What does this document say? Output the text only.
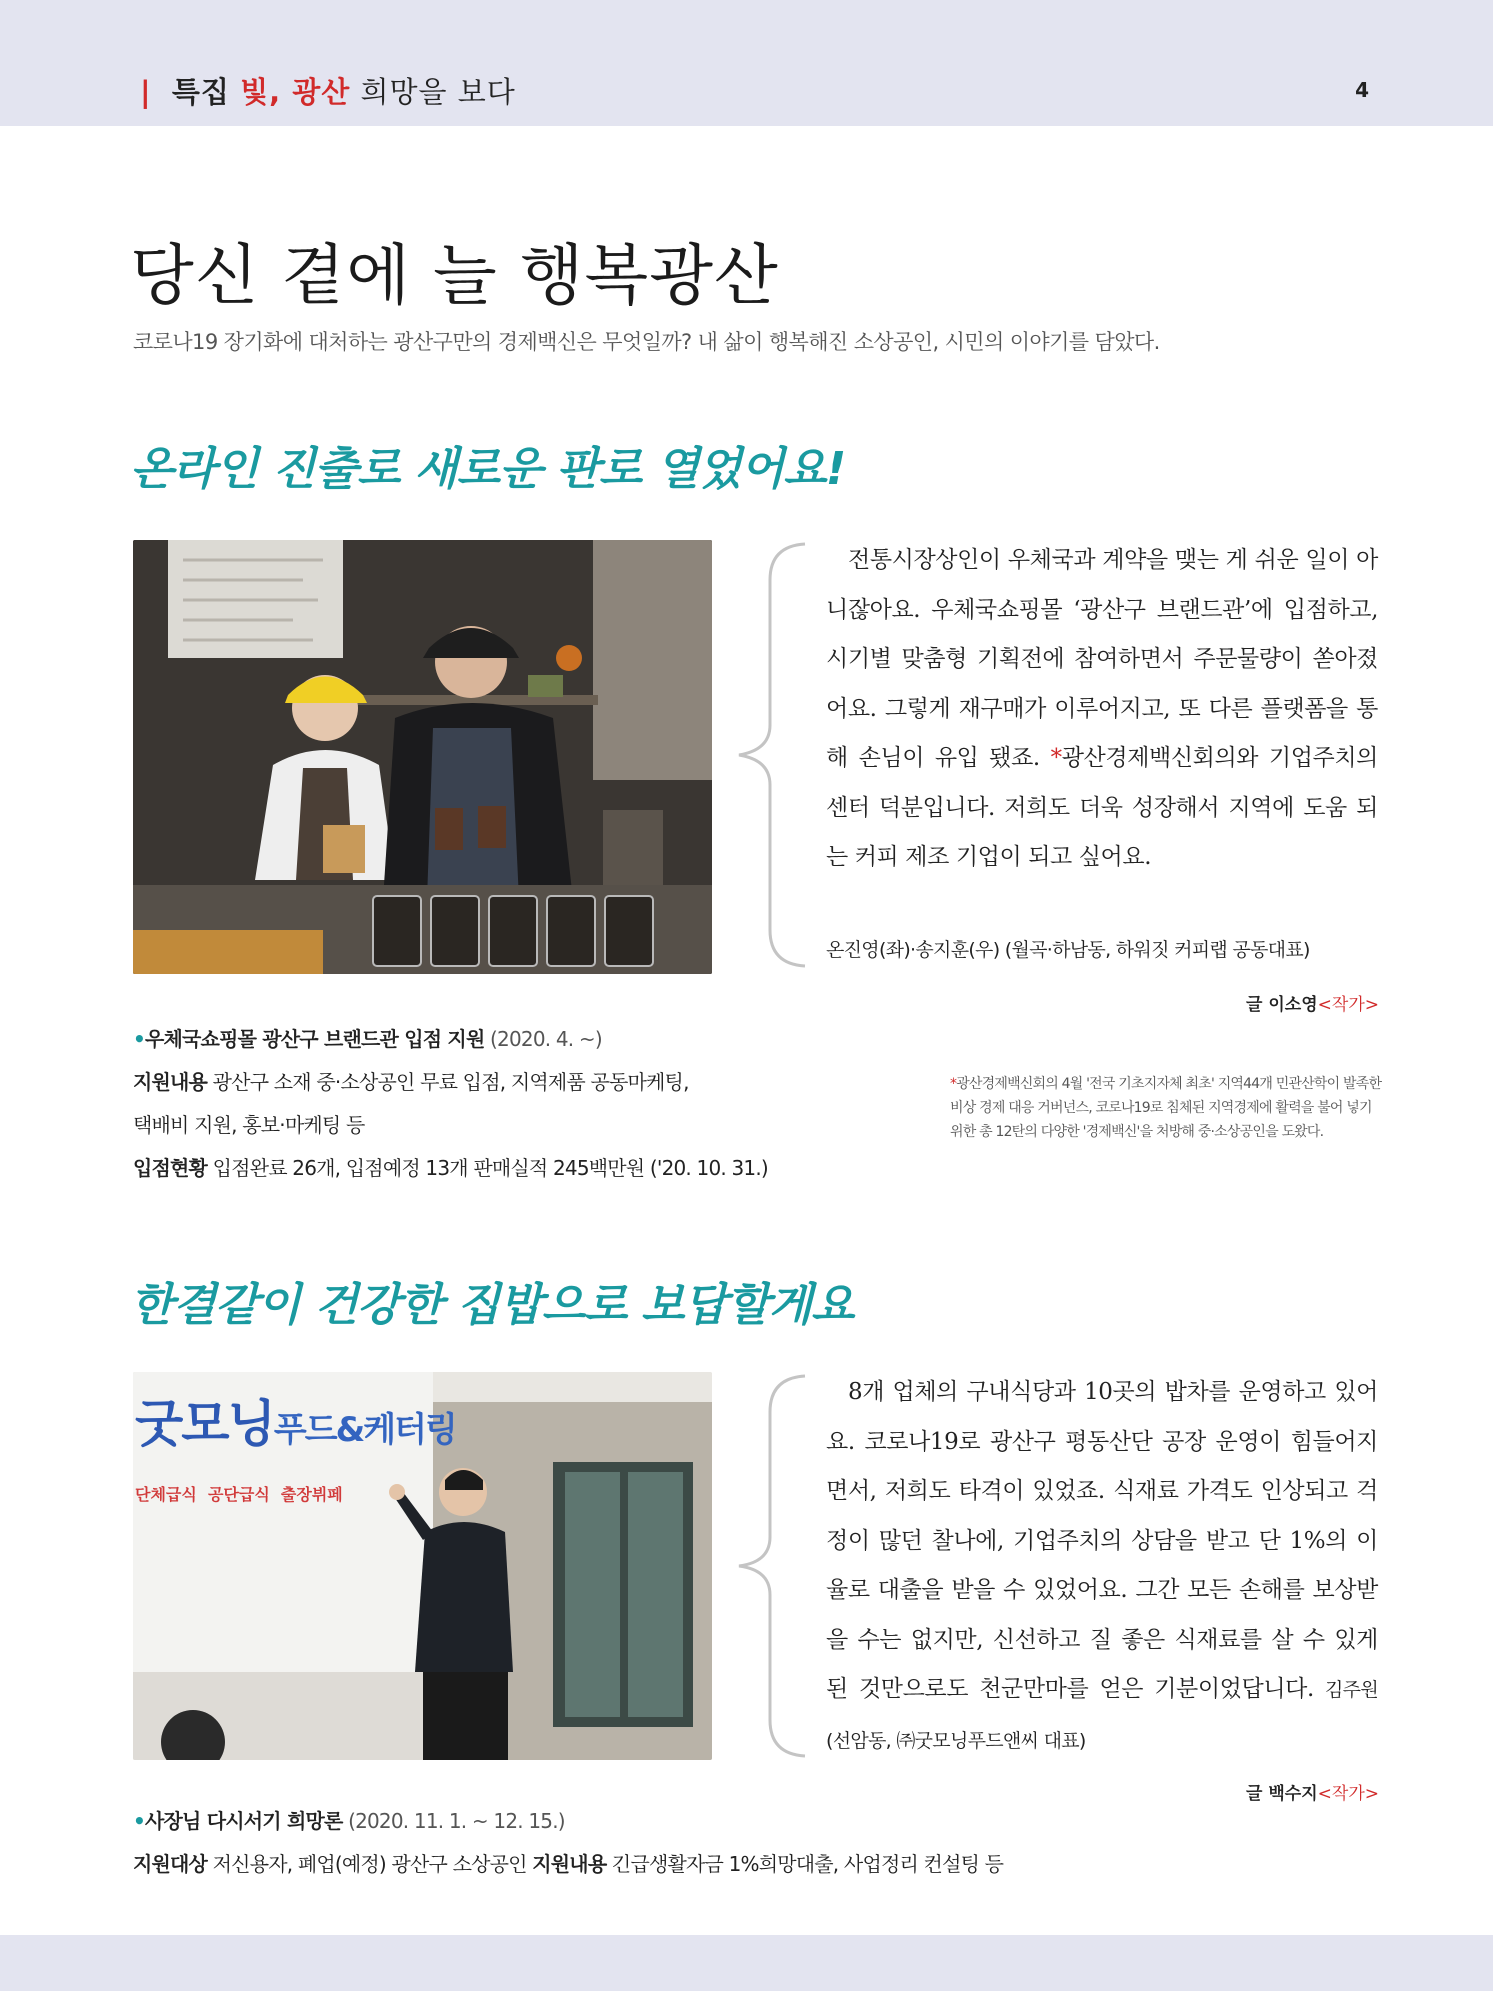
| 특집 빛, 광산 희망을 보다	4
당신 곁에 늘 행복광산
코로나19 장기화에 대처하는 광산구만의 경제백신은 무엇일까? 내 삶이 행복해진 소상공인, 시민의 이야기를 담았다.
온라인 진출로 새로운 판로 열었어요!

전통시장상인이 우체국과 계약을 맺는 게 쉬운 일이 아니잖아요. 우체국쇼핑몰 ‘광산구 브랜드관’에 입점하고, 시기별 맞춤형 기획전에 참여하면서 주문물량이 쏟아졌어요. 그렇게 재구매가 이루어지고, 또 다른 플랫폼을 통해 손님이 유입 됐죠. *광산경제백신회의와 기업주치의센터 덕분입니다. 저희도 더욱 성장해서 지역에 도움 되는 커피 제조 기업이 되고 싶어요.

온진영(좌)·송지훈(우) (월곡·하남동, 하워짓 커피랩 공동대표)
글 이소영<작가>
•우체국쇼핑몰 광산구 브랜드관 입점 지원 (2020. 4. ~)
지원내용 광산구 소재 중·소상공인 무료 입점, 지역제품 공동마케팅,
택배비 지원, 홍보·마케팅 등
입점현황 입점완료 26개, 입점예정 13개 판매실적 245백만원 ('20. 10. 31.)

*광산경제백신회의 4월 '전국 기초지자체 최초' 지역44개 민관산학이 발족한 비상 경제 대응 거버넌스, 코로나19로 침체된 지역경제에 활력을 불어 넣기 위한 총 12탄의 다양한 '경제백신'을 처방해 중·소상공인을 도왔다.

한결같이 건강한 집밥으로 보답할게요
굿모닝푸드&케터링
단체급식  공단급식  출장뷔페

8개 업체의 구내식당과 10곳의 밥차를 운영하고 있어요. 코로나19로 광산구 평동산단 공장 운영이 힘들어지면서, 저희도 타격이 있었죠. 식재료 가격도 인상되고 걱정이 많던 찰나에, 기업주치의 상담을 받고 단 1%의 이율로 대출을 받을 수 있었어요. 그간 모든 손해를 보상받을 수는 없지만, 신선하고 질 좋은 식재료를 살 수 있게 된 것만으로도 천군만마를 얻은 기분이었답니다. 김주원(선암동, ㈜굿모닝푸드앤씨 대표)

글 백수지<작가>
•사장님 다시서기 희망론 (2020. 11. 1. ~ 12. 15.)
지원대상 저신용자, 폐업(예정) 광산구 소상공인 지원내용 긴급생활자금 1%희망대출, 사업정리 컨설팅 등
